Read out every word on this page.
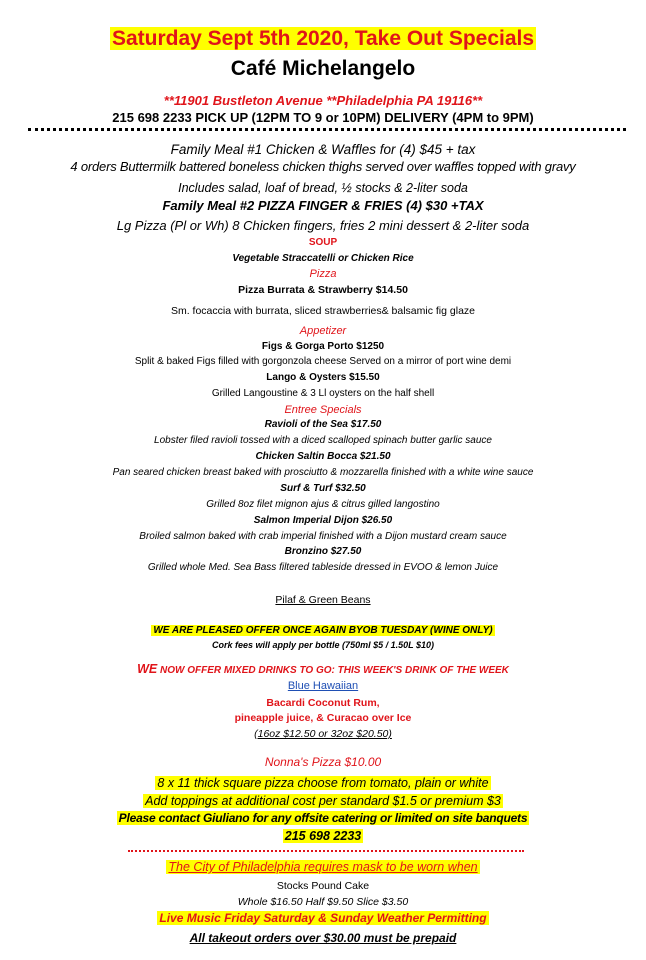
Saturday Sept 5th 2020, Take Out Specials
Café Michelangelo
**11901 Bustleton Avenue **Philadelphia PA 19116**
215 698 2233 PICK UP (12PM TO 9 or 10PM) DELIVERY (4PM to 9PM)
Family Meal #1 Chicken & Waffles for (4) $45 + tax
4 orders Buttermilk battered boneless chicken thighs served over waffles topped with gravy
Includes salad, loaf of bread, ½ stocks & 2-liter soda
Family Meal #2 PIZZA FINGER & FRIES (4) $30 +TAX
Lg Pizza (Pl or Wh) 8 Chicken fingers, fries 2 mini dessert & 2-liter soda
SOUP
Vegetable Straccatelli or Chicken Rice
Pizza
Pizza Burrata & Strawberry $14.50
Sm. focaccia with burrata, sliced strawberries& balsamic fig glaze
Appetizer
Figs & Gorga Porto $1250
Split & baked Figs filled with gorgonzola cheese Served on a mirror of port wine demi
Lango & Oysters $15.50
Grilled Langoustine & 3 Ll oysters on the half shell
Entree Specials
Ravioli of the Sea $17.50
Lobster filed ravioli tossed with a diced scalloped spinach butter garlic sauce
Chicken Saltin Bocca $21.50
Pan seared chicken breast baked with prosciutto & mozzarella finished with a white wine sauce
Surf & Turf $32.50
Grilled 8oz filet mignon ajus & citrus gilled langostino
Salmon Imperial Dijon $26.50
Broiled salmon baked with crab imperial finished with a Dijon mustard cream sauce
Bronzino $27.50
Grilled whole Med. Sea Bass filtered tableside dressed in EVOO & lemon Juice
Pilaf & Green Beans
WE ARE PLEASED OFFER ONCE AGAIN BYOB TUESDAY (WINE ONLY)
Cork fees will apply per bottle (750ml $5 / 1.50L $10)
WE NOW OFFER MIXED DRINKS TO GO: THIS WEEK'S DRINK OF THE WEEK
Blue Hawaiian
Bacardi Coconut Rum,
pineapple juice, & Curacao over Ice
(16oz $12.50 or 32oz $20.50)
Nonna's Pizza $10.00
8 x 11 thick square pizza choose from tomato, plain or white
Add toppings at additional cost per standard $1.5 or premium $3
Please contact Giuliano for any offsite catering or limited on site banquets
215 698 2233
The City of Philadelphia requires mask to be worn when
Stocks Pound Cake
Whole $16.50 Half $9.50 Slice $3.50
Live Music Friday Saturday & Sunday Weather Permitting
All takeout orders over $30.00 must be prepaid
